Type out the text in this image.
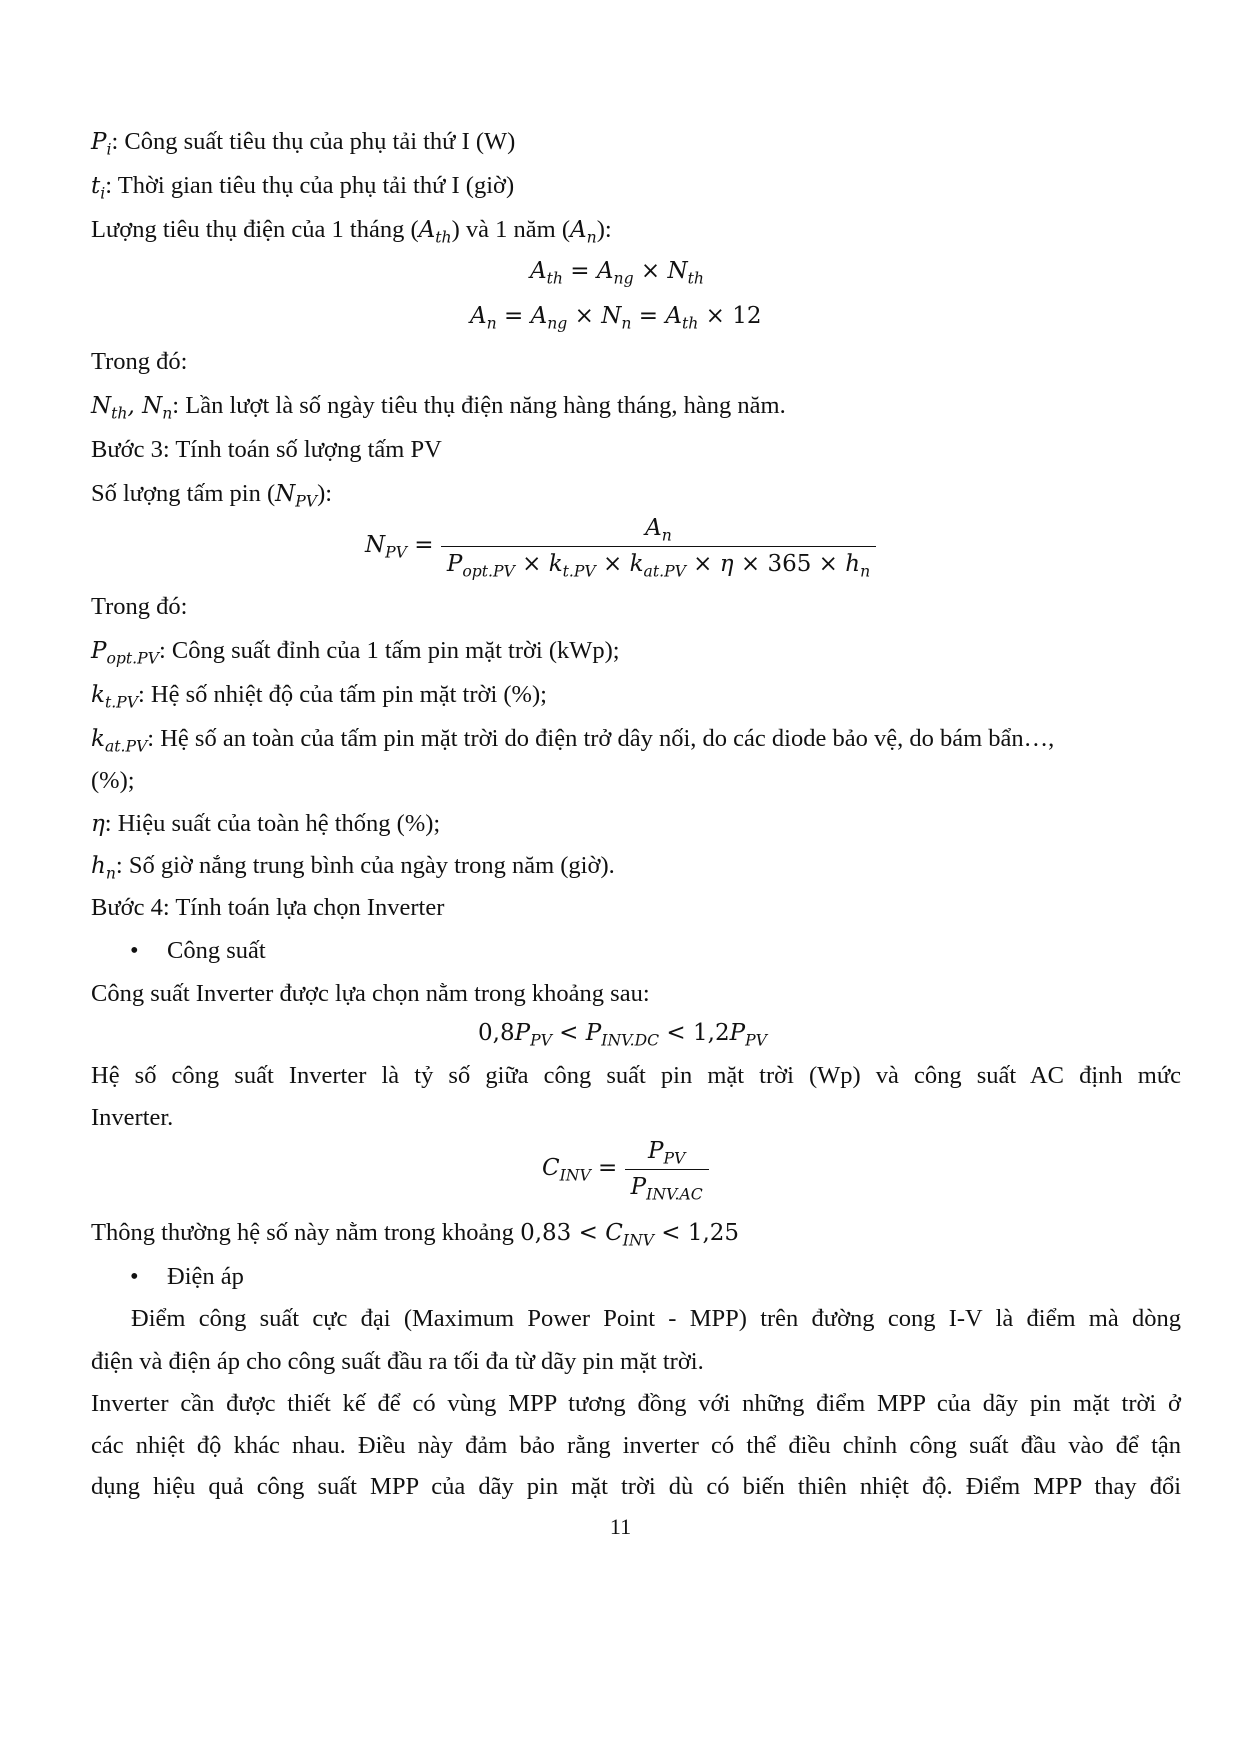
$P_i$: Công suất tiêu thụ của phụ tải thứ I (W)
$t_i$: Thời gian tiêu thụ của phụ tải thứ I (giờ)
Lượng tiêu thụ điện của 1 tháng $(A_{th})$ và 1 năm $(A_n)$:
$A_{th} = A_{ng} \times N_{th}$
$A_n = A_{ng} \times N_n = A_{th} \times 12$
Trong đó:
$N_{th}$, $N_n$: Lần lượt là số ngày tiêu thụ điện năng hàng tháng, hàng năm.
Bước 3: Tính toán số lượng tấm PV
Số lượng tấm pin $(N_{PV})$:
$N_{PV} = \frac{A_n}{P_{opt.PV} \times k_{t.PV} \times k_{at.PV} \times \eta \times 365 \times h_n}$
Trong đó:
$P_{opt.PV}$: Công suất đỉnh của 1 tấm pin mặt trời (kWp);
$k_{t.PV}$: Hệ số nhiệt độ của tấm pin mặt trời (%);
$k_{at.PV}$: Hệ số an toàn của tấm pin mặt trời do điện trở dây nối, do các diode bảo vệ, do bám bẩn…,
(%);
η: Hiệu suất của toàn hệ thống (%);
$h_n$: Số giờ nắng trung bình của ngày trong năm (giờ).
Bước 4: Tính toán lựa chọn Inverter
• Công suất
Công suất Inverter được lựa chọn nằm trong khoảng sau:
$0,8P_{PV} < P_{INV.DC} < 1,2P_{PV}$
Hệ số công suất Inverter là tỷ số giữa công suất pin mặt trời (Wp) và công suất AC định mức
Inverter.
$C_{INV} = \frac{P_{PV}}{P_{INV.AC}}$
Thông thường hệ số này nằm trong khoảng $0,83 < C_{INV} < 1,25$
• Điện áp
Điểm công suất cực đại (Maximum Power Point - MPP) trên đường cong I-V là điểm mà dòng
điện và điện áp cho công suất đầu ra tối đa từ dãy pin mặt trời.
Inverter cần được thiết kế để có vùng MPP tương đồng với những điểm MPP của dãy pin mặt trời ở
các nhiệt độ khác nhau. Điều này đảm bảo rằng inverter có thể điều chỉnh công suất đầu vào để tận
dụng hiệu quả công suất MPP của dãy pin mặt trời dù có biến thiên nhiệt độ. Điểm MPP thay đổi
11
